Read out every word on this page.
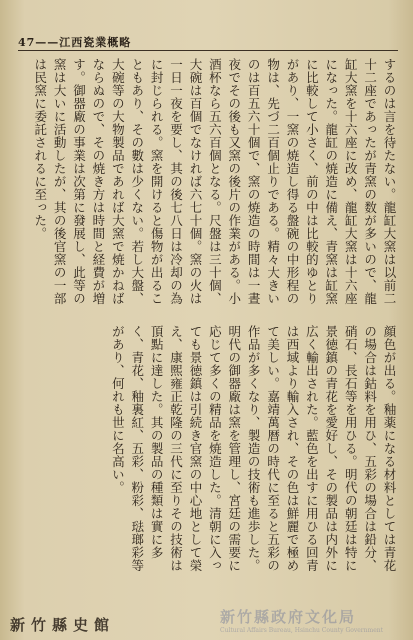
47——江西瓷業概略
するのは言を待たない。龍缸大窯は以前二十二座であったが青窯の数が多いので、龍缸大窯を十六座に改め、龍缸大窯は十六座になった。龍缸の焼造に備え、青窯は缸窯に比較して小さく、前の中は比較的ゆとりがあり、一窯の焼造し得る盤碗の中形程の物は、先づ二百個止りである。精々大きいのは百五六十個で、窯の焼造の時間は一晝夜でその後も又窯の後片の作業がある。小酒杯なら五六百個となる。尺盤は三十個、大碗は百個でなければ六七十個。窯の火は一日一夜を要し、其の後七八日は冷却の為に封じられる。窯を開けると傷物が出ることもあり、その數は少くない。若し大盤、大碗等の大物製品であれば大窯で焼かねばならぬので、その焼き方は時間と経費が増す。御器廠の事業は次第に發展し、此等の窯は大いに活動したが、其の後官窯の一部は民窯に委託されるに至った。
顔色が出る。釉薬になる材料としては青花の場合は鈷料を用ひ、五彩の場合は鉛分、硝石、長石等を用ひる。明代の朝廷は特に景徳鎮の青花を愛好し、その製品は内外に広く輸出された。藍色を出すに用ひる回青は西域より輸入され、その色は鮮麗で極めて美しい。嘉靖萬暦の時代に至ると五彩の作品が多くなり、製造の技術も進歩した。明代の御器廠は窯を管理し、宮廷の需要に応じて多くの精品を焼造した。清朝に入っても景徳鎮は引続き官窯の中心地として榮え、康煕雍正乾隆の三代に至りその技術は頂點に達した。其の製品の種類は實に多く、青花、釉裏紅、五彩、粉彩、琺瑯彩等があり、何れも世に名高い。
新竹縣政府文化局
Cultural Affairs Bureau, Hsinchu County Government
新竹縣史館
